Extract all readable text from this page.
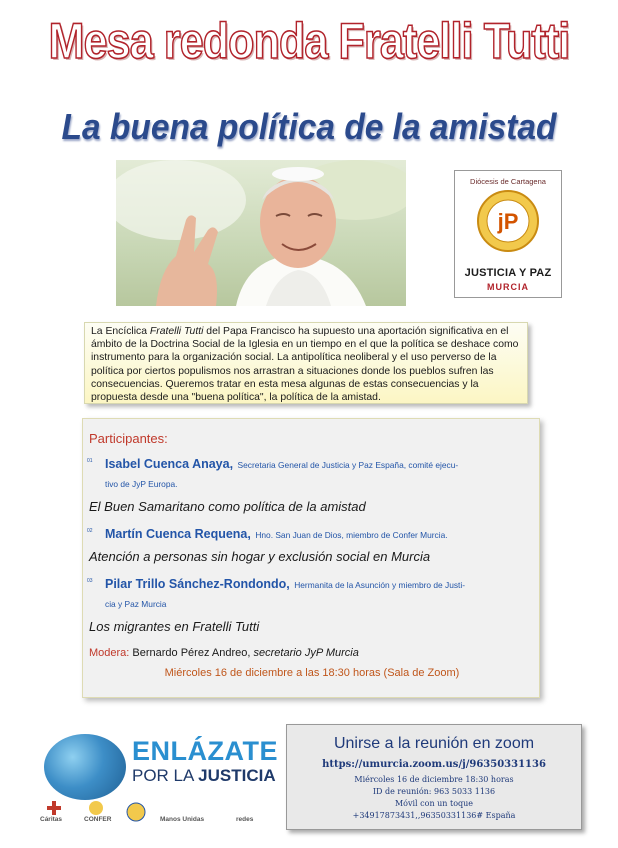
Mesa redonda Fratelli Tutti
La buena política de la amistad
Diócesis de Cartagena
jP
JUSTICIA Y PAZ
MURCIA
La Encíclica Fratelli Tutti del Papa Francisco ha supuesto una aportación significativa en el ámbito de la Doctrina Social de la Iglesia en un tiempo en el que la política se deshace como instrumento para la organización social. La antipolítica neoliberal y el uso perverso de la política por ciertos populismos nos arrastran a situaciones donde los pueblos sufren las consecuencias. Queremos tratar en esta mesa algunas de estas consecuencias y la propuesta desde una "buena política", la política de la amistad.
Participantes:
01 Isabel Cuenca Anaya, Secretaria General de Justicia y Paz España, comité ejecu-
tivo de JyP Europa.
El Buen Samaritano como política de la amistad
02 Martín Cuenca Requena, Hno. San Juan de Dios, miembro de Confer Murcia.
Atención a personas sin hogar y exclusión social en Murcia
03 Pilar Trillo Sánchez-Rondondo, Hermanita de la Asunción y miembro de Justi-
cia y Paz Murcia
Los migrantes en Fratelli Tutti
Modera: Bernardo Pérez Andreo, secretario JyP Murcia
Miércoles 16 de diciembre a las 18:30 horas (Sala de Zoom)
ENLÁZATE
POR LA JUSTICIA
Cáritas	CONFER	Manos Unidas	redes
Unirse a la reunión en zoom
https://umurcia.zoom.us/j/96350331136
Miércoles 16 de diciembre 18:30 horas
ID de reunión: 963 5033 1136
Móvil con un toque
+34917873431,,96350331136# España
